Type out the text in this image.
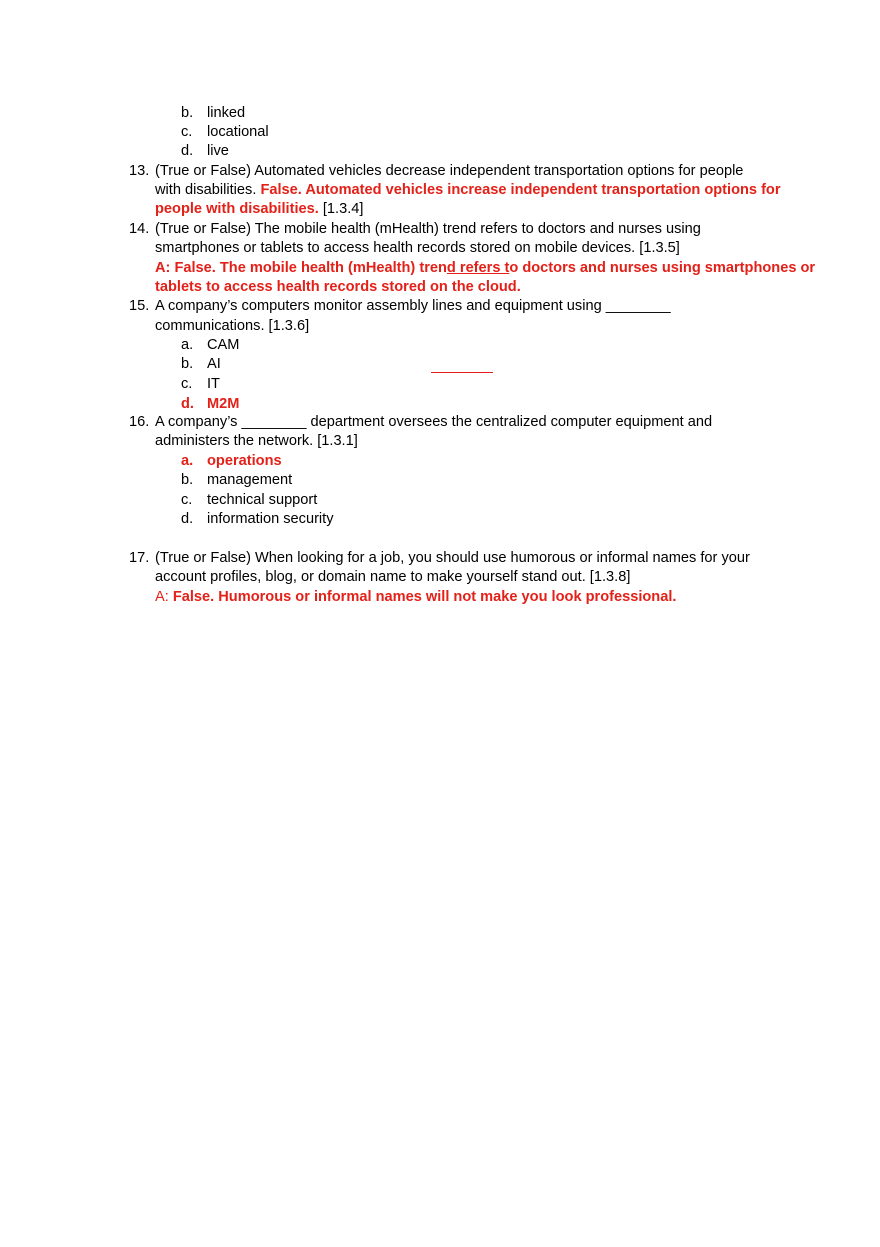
b. linked
c. locational
d. live
13. (True or False) Automated vehicles decrease independent transportation options for people
with disabilities. False. Automated vehicles increase independent transportation options for
people with disabilities. [1.3.4]
14. (True or False) The mobile health (mHealth) trend refers to doctors and nurses using
smartphones or tablets to access health records stored on mobile devices. [1.3.5]
A: False. The mobile health (mHealth) trend refers to doctors and nurses using smartphones or
tablets to access health records stored on the cloud.
15. A company’s computers monitor assembly lines and equipment using ________
communications. [1.3.6]
a. CAM
b. AI
c. IT
d. M2M
16. A company’s ________ department oversees the centralized computer equipment and
administers the network. [1.3.1]
a. operations
b. management
c. technical support
d. information security
17. (True or False) When looking for a job, you should use humorous or informal names for your
account profiles, blog, or domain name to make yourself stand out. [1.3.8]
A: False. Humorous or informal names will not make you look professional.
